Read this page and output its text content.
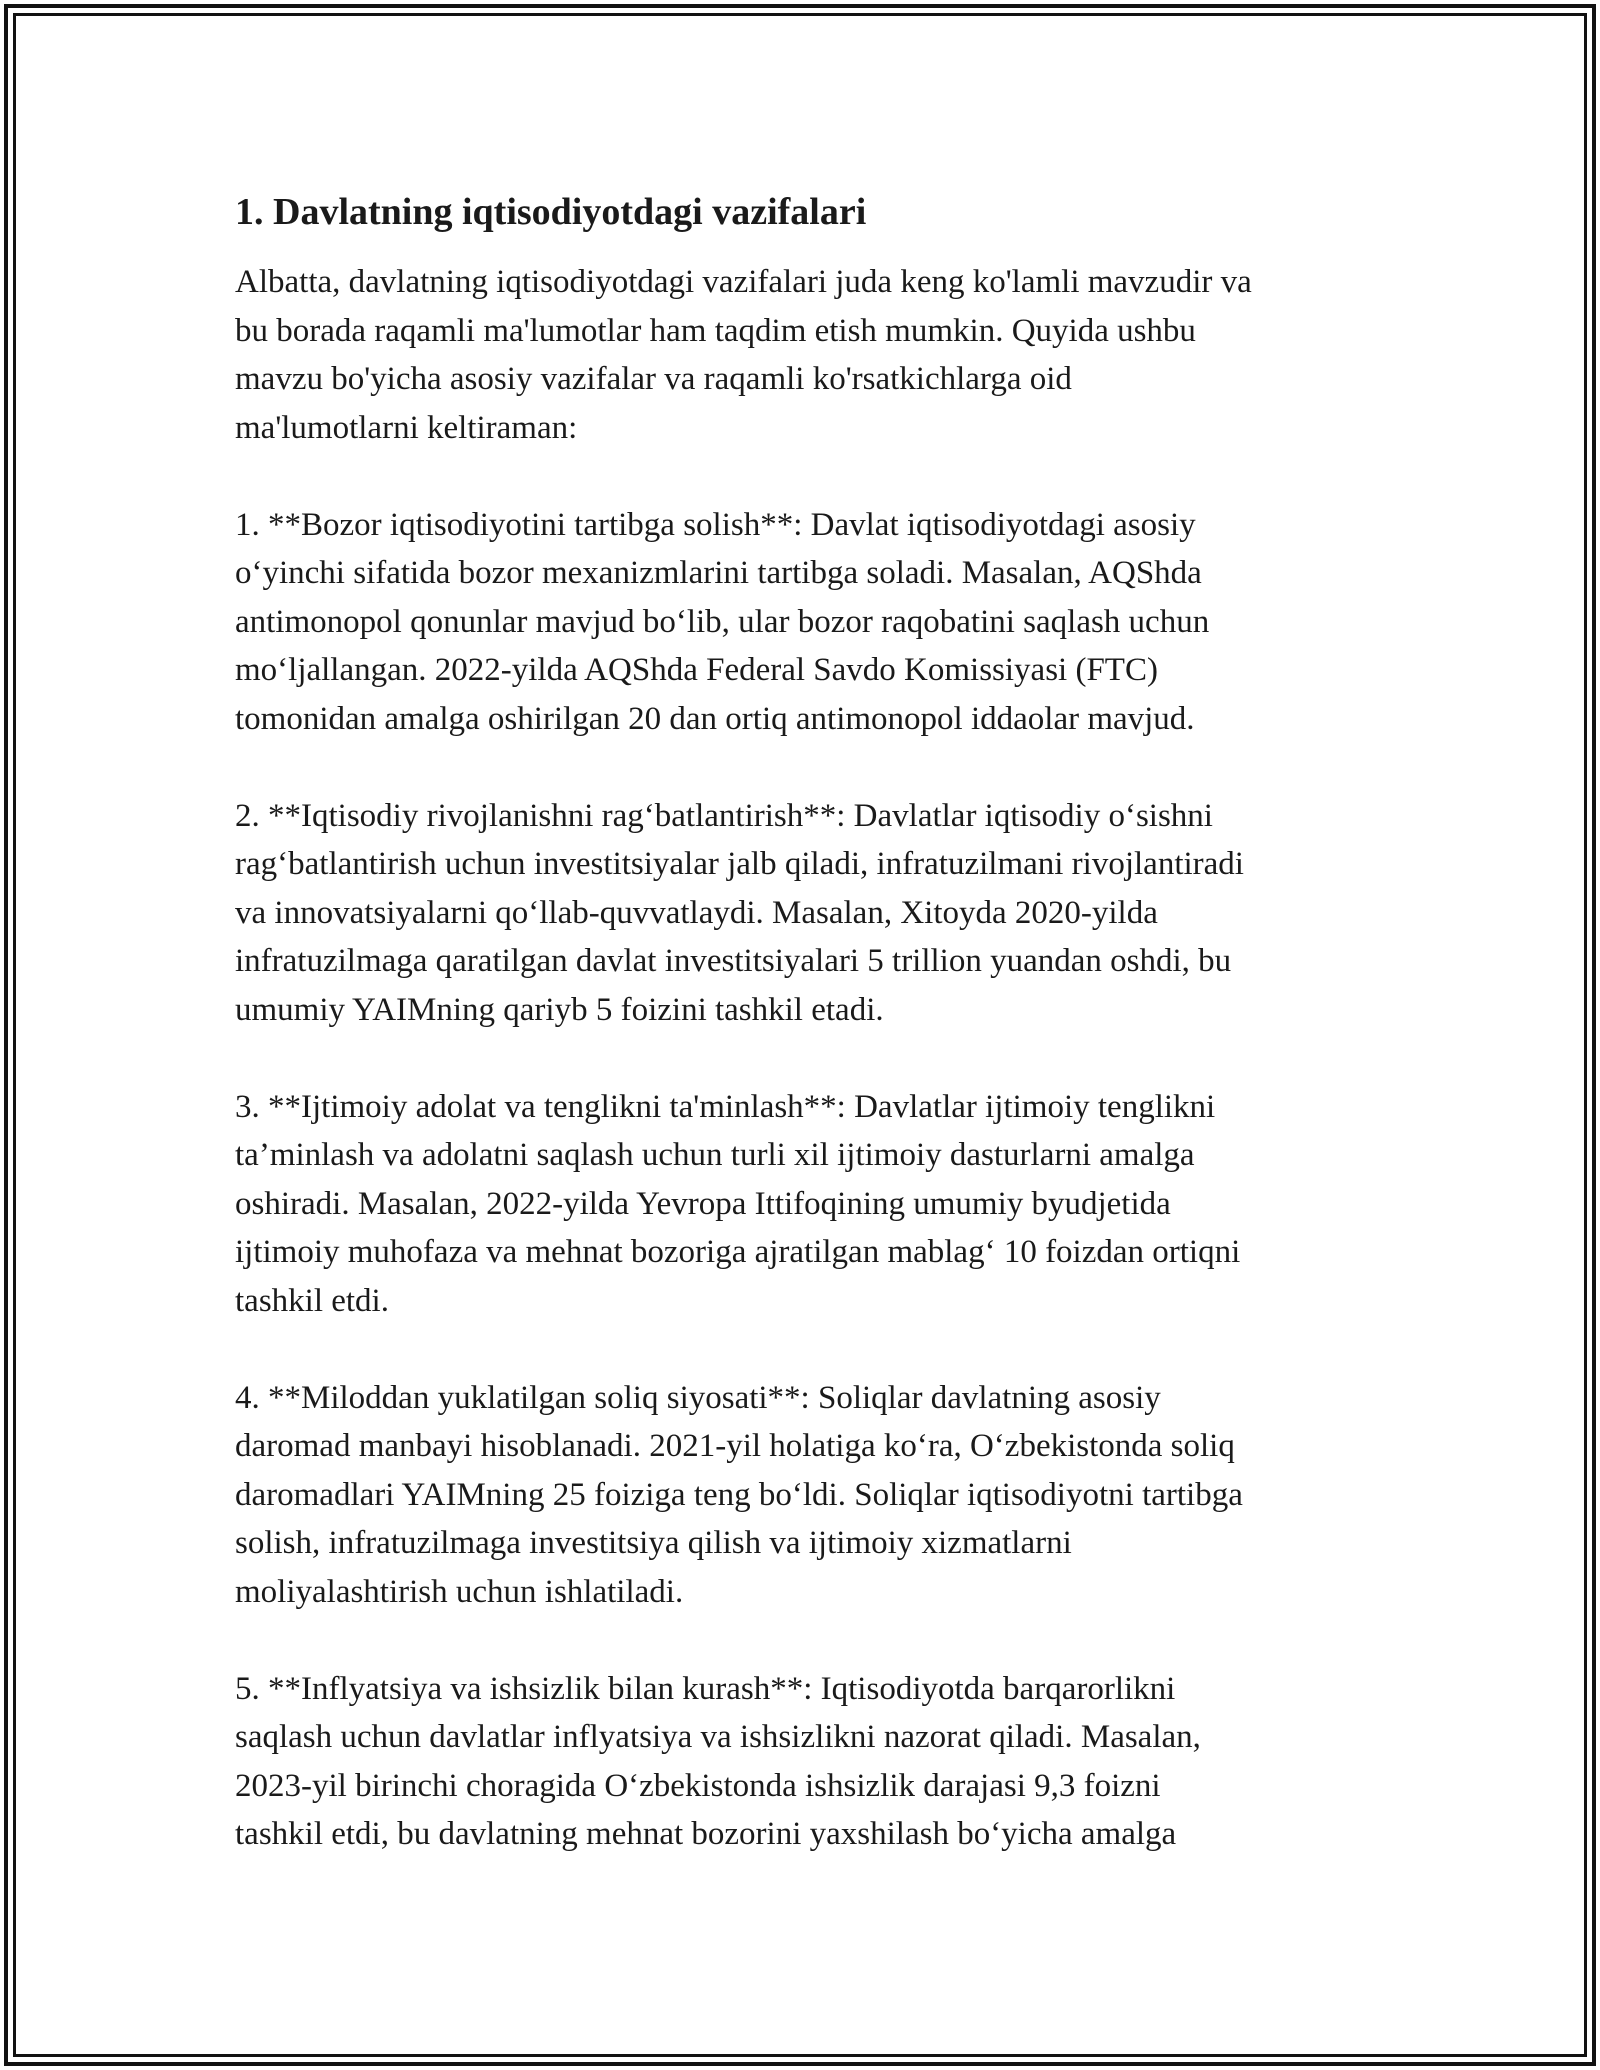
1. Davlatning iqtisodiyotdagi vazifalari
Albatta, davlatning iqtisodiyotdagi vazifalari juda keng ko'lamli mavzudir va
bu borada raqamli ma'lumotlar ham taqdim etish mumkin. Quyida ushbu
mavzu bo'yicha asosiy vazifalar va raqamli ko'rsatkichlarga oid
ma'lumotlarni keltiraman:
1. **Bozor iqtisodiyotini tartibga solish**: Davlat iqtisodiyotdagi asosiy
o‘yinchi sifatida bozor mexanizmlarini tartibga soladi. Masalan, AQShda
antimonopol qonunlar mavjud bo‘lib, ular bozor raqobatini saqlash uchun
mo‘ljallangan. 2022-yilda AQShda Federal Savdo Komissiyasi (FTC)
tomonidan amalga oshirilgan 20 dan ortiq antimonopol iddaolar mavjud.
2. **Iqtisodiy rivojlanishni rag‘batlantirish**: Davlatlar iqtisodiy o‘sishni
rag‘batlantirish uchun investitsiyalar jalb qiladi, infratuzilmani rivojlantiradi
va innovatsiyalarni qo‘llab-quvvatlaydi. Masalan, Xitoyda 2020-yilda
infratuzilmaga qaratilgan davlat investitsiyalari 5 trillion yuandan oshdi, bu
umumiy YAIMning qariyb 5 foizini tashkil etadi.
3. **Ijtimoiy adolat va tenglikni ta'minlash**: Davlatlar ijtimoiy tenglikni
ta’minlash va adolatni saqlash uchun turli xil ijtimoiy dasturlarni amalga
oshiradi. Masalan, 2022-yilda Yevropa Ittifoqining umumiy byudjetida
ijtimoiy muhofaza va mehnat bozoriga ajratilgan mablag‘ 10 foizdan ortiqni
tashkil etdi.
4. **Miloddan yuklatilgan soliq siyosati**: Soliqlar davlatning asosiy
daromad manbayi hisoblanadi. 2021-yil holatiga ko‘ra, O‘zbekistonda soliq
daromadlari YAIMning 25 foiziga teng bo‘ldi. Soliqlar iqtisodiyotni tartibga
solish, infratuzilmaga investitsiya qilish va ijtimoiy xizmatlarni
moliyalashtirish uchun ishlatiladi.
5. **Inflyatsiya va ishsizlik bilan kurash**: Iqtisodiyotda barqarorlikni
saqlash uchun davlatlar inflyatsiya va ishsizlikni nazorat qiladi. Masalan,
2023-yil birinchi choragida O‘zbekistonda ishsizlik darajasi 9,3 foizni
tashkil etdi, bu davlatning mehnat bozorini yaxshilash bo‘yicha amalga
